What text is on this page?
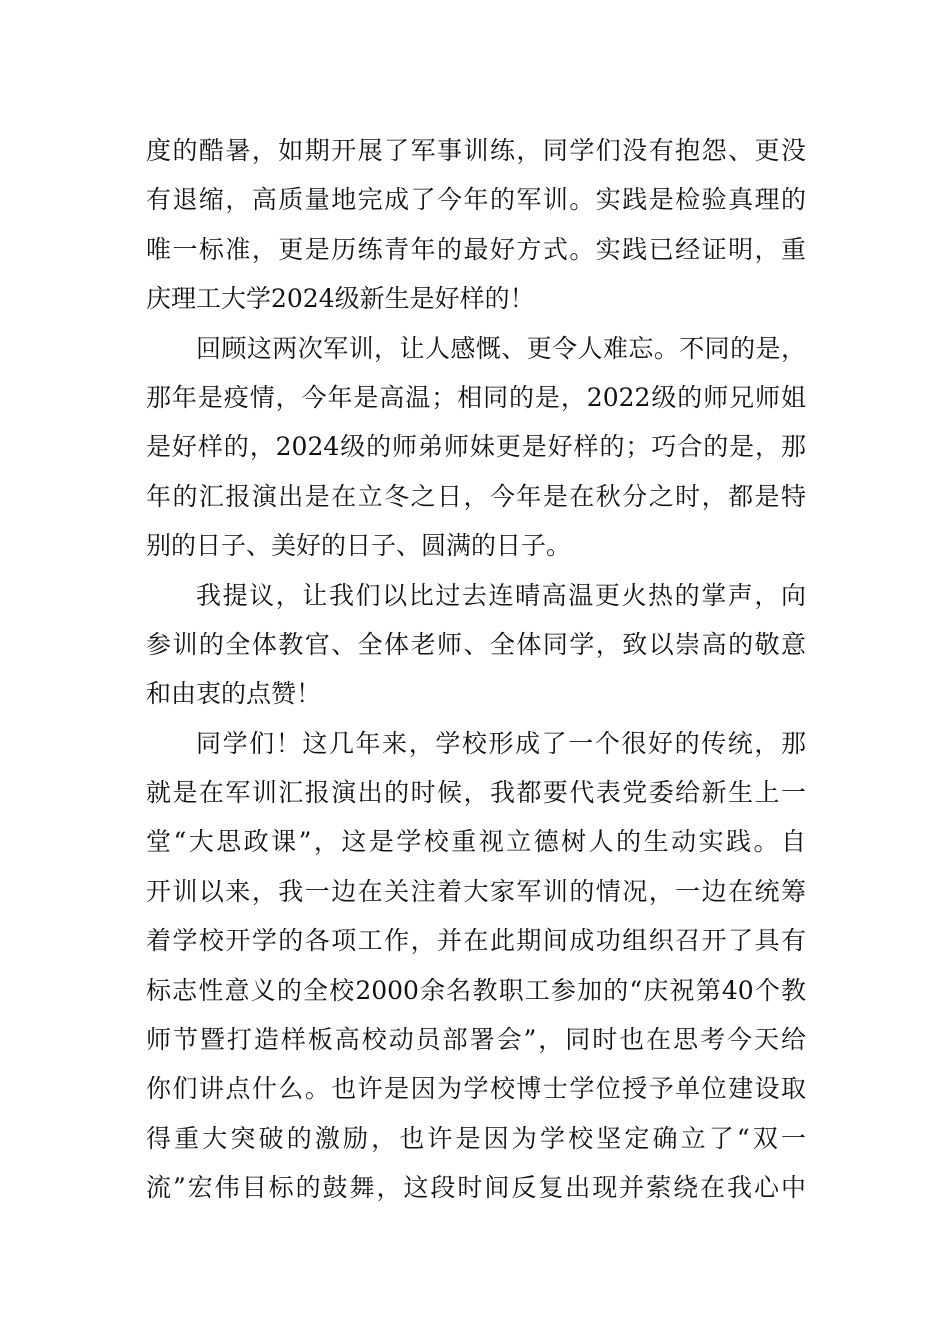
度的酷暑，如期开展了军事训练，同学们没有抱怨、更没
有退缩，高质量地完成了今年的军训。实践是检验真理的
唯一标准，更是历练青年的最好方式。实践已经证明，重
庆理工大学2024级新生是好样的！
回顾这两次军训，让人感慨、更令人难忘。不同的是，
那年是疫情，今年是高温；相同的是，2022级的师兄师姐
是好样的，2024级的师弟师妹更是好样的；巧合的是，那
年的汇报演出是在立冬之日，今年是在秋分之时，都是特
别的日子、美好的日子、圆满的日子。
我提议，让我们以比过去连晴高温更火热的掌声，向
参训的全体教官、全体老师、全体同学，致以崇高的敬意
和由衷的点赞！
同学们！这几年来，学校形成了一个很好的传统，那
就是在军训汇报演出的时候，我都要代表党委给新生上一
堂“大思政课”，这是学校重视立德树人的生动实践。自
开训以来，我一边在关注着大家军训的情况，一边在统筹
着学校开学的各项工作，并在此期间成功组织召开了具有
标志性意义的全校2000余名教职工参加的“庆祝第40个教
师节暨打造样板高校动员部署会”，同时也在思考今天给
你们讲点什么。也许是因为学校博士学位授予单位建设取
得重大突破的激励，也许是因为学校坚定确立了“双一
流”宏伟目标的鼓舞，这段时间反复出现并萦绕在我心中
